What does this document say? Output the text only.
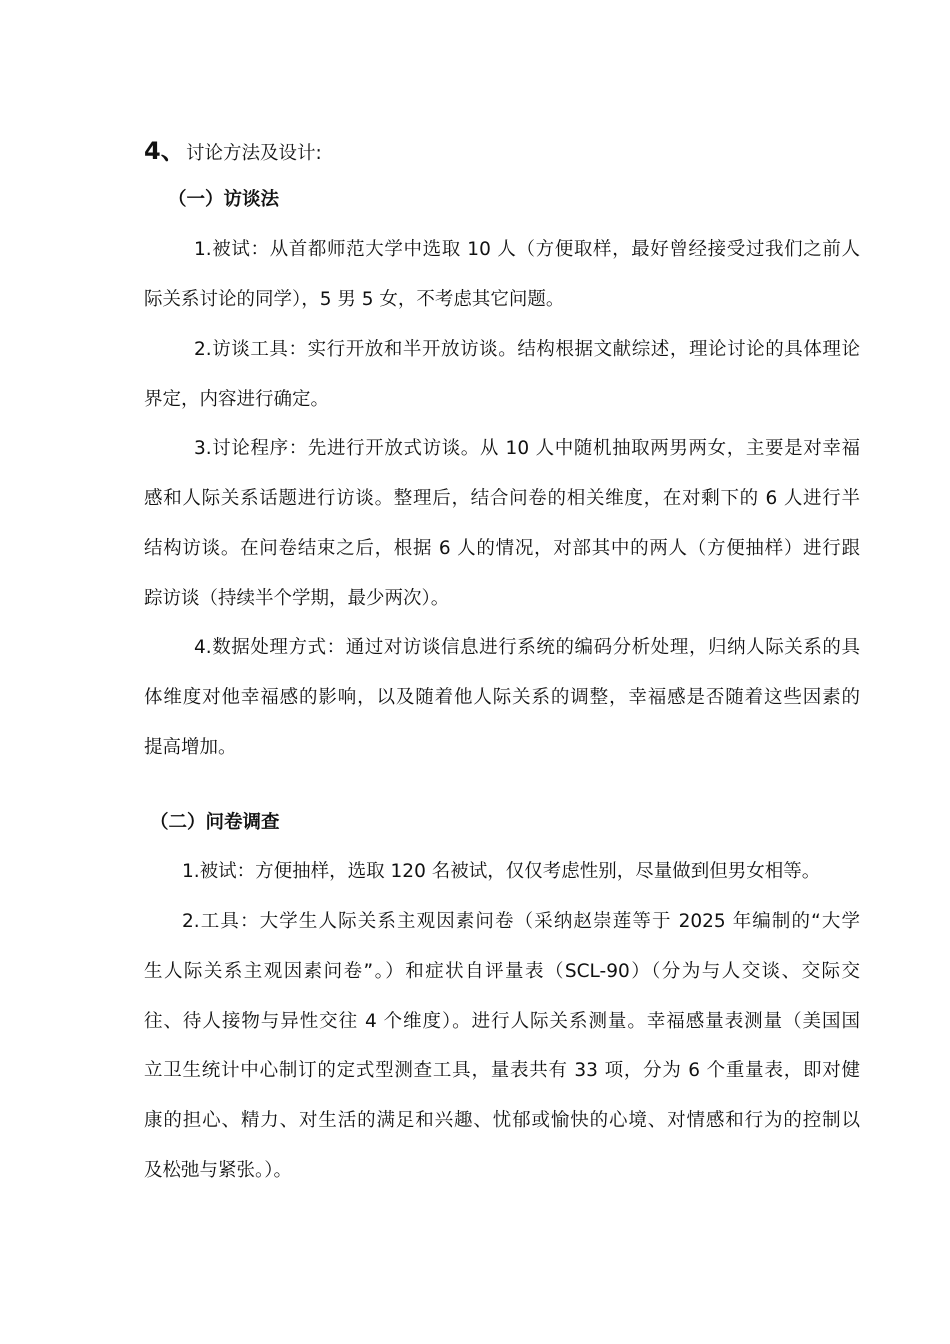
4、 讨论方法及设计:
（一）访谈法
1.被试：从首都师范大学中选取 10 人（方便取样，最好曾经接受过我们之前人
际关系讨论的同学），5 男 5 女，不考虑其它问题。
2.访谈工具：实行开放和半开放访谈。结构根据文献综述，理论讨论的具体理论
界定，内容进行确定。
3.讨论程序：先进行开放式访谈。从 10 人中随机抽取两男两女，主要是对幸福
感和人际关系话题进行访谈。整理后，结合问卷的相关维度，在对剩下的 6 人进行半
结构访谈。在问卷结束之后，根据 6 人的情况，对部其中的两人（方便抽样）进行跟
踪访谈（持续半个学期，最少两次）。
4.数据处理方式：通过对访谈信息进行系统的编码分析处理，归纳人际关系的具
体维度对他幸福感的影响，以及随着他人际关系的调整，幸福感是否随着这些因素的
提高增加。
（二）问卷调查
1.被试：方便抽样，选取 120 名被试，仅仅考虑性别，尽量做到但男女相等。
2.工具：大学生人际关系主观因素问卷（采纳赵崇莲等于 2025 年编制的“大学
生人际关系主观因素问卷”。）和症状自评量表（SCL-90）（分为与人交谈、交际交
往、待人接物与异性交往 4 个维度）。进行人际关系测量。幸福感量表测量（美国国
立卫生统计中心制订的定式型测查工具，量表共有 33 项，分为 6 个重量表，即对健
康的担心、精力、对生活的满足和兴趣、忧郁或愉快的心境、对情感和行为的控制以
及松弛与紧张。）。
